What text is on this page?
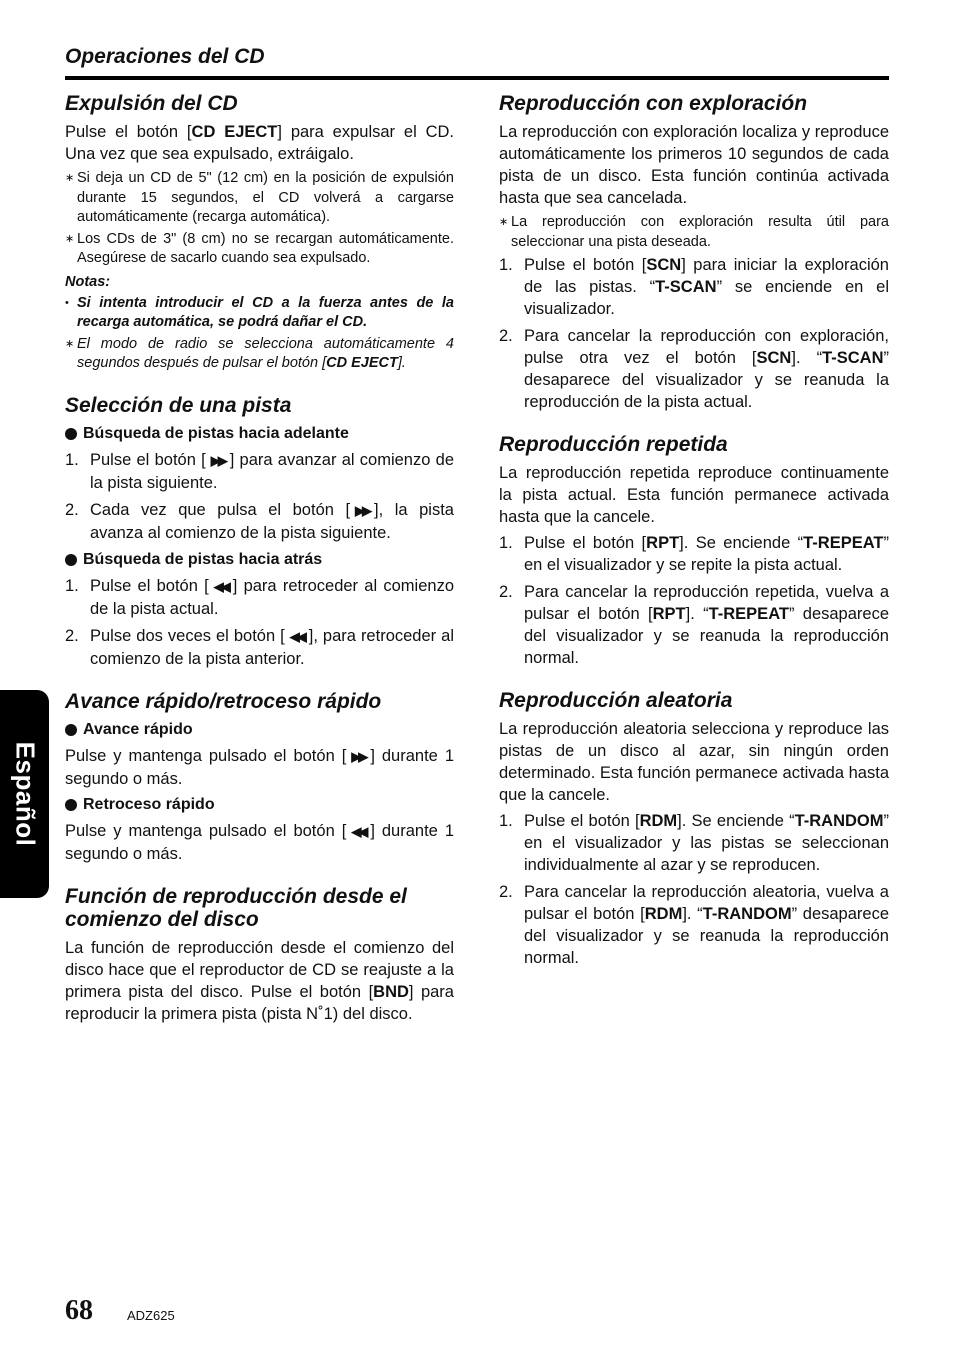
Operaciones del CD
Expulsión del CD

Pulse el botón [CD EJECT] para expulsar el CD. Una vez que sea expulsado, extráigalo.

∗ Si deja un CD de 5" (12 cm) en la posición de expulsión durante 15 segundos, el CD volverá a cargarse automáticamente (recarga automática).
∗ Los CDs de 3" (8 cm) no se recargan automáticamente. Asegúrese de sacarlo cuando sea expulsado.
Notas:
• Si intenta introducir el CD a la fuerza antes de la recarga automática, se podrá dañar el CD.
∗ El modo de radio se selecciona automáticamente 4 segundos después de pulsar el botón [CD EJECT].
Selección de una pista
Búsqueda de pistas hacia adelante
1. Pulse el botón [ ▶▶ ] para avanzar al comienzo de la pista siguiente.
2. Cada vez que pulsa el botón [ ▶▶ ], la pista avanza al comienzo de la pista siguiente.
Búsqueda de pistas hacia atrás
1. Pulse el botón [ ◀◀ ] para retroceder al comienzo de la pista actual.
2. Pulse dos veces el botón [ ◀◀ ], para retroceder al comienzo de la pista anterior.
Avance rápido/retroceso rápido
Avance rápido

Pulse y mantenga pulsado el botón [ ▶▶ ] durante 1 segundo o más.

Retroceso rápido

Pulse y mantenga pulsado el botón [ ◀◀ ] durante 1 segundo o más.

Función de reproducción desde el comienzo del disco

La función de reproducción desde el comienzo del disco hace que el reproductor de CD se reajuste a la primera pista del disco. Pulse el botón [BND] para reproducir la primera pista (pista N˚1) del disco.

Reproducción con exploración

La reproducción con exploración localiza y reproduce automáticamente los primeros 10 segundos de cada pista de un disco. Esta función continúa activada hasta que sea cancelada.

∗ La reproducción con exploración resulta útil para seleccionar una pista deseada.
1. Pulse el botón [SCN] para iniciar la exploración de las pistas. “T-SCAN” se enciende en el visualizador.
2. Para cancelar la reproducción con exploración, pulse otra vez el botón [SCN]. “T-SCAN” desaparece del visualizador y se reanuda la reproducción de la pista actual.
Reproducción repetida

La reproducción repetida reproduce continuamente la pista actual. Esta función permanece activada hasta que la cancele.

1. Pulse el botón [RPT]. Se enciende “T-REPEAT” en el visualizador y se repite la pista actual.
2. Para cancelar la reproducción repetida, vuelva a pulsar el botón [RPT]. “T-REPEAT” desaparece del visualizador y se reanuda la reproducción normal.
Reproducción aleatoria

La reproducción aleatoria selecciona y reproduce las pistas de un disco al azar, sin ningún orden determinado. Esta función permanece activada hasta que la cancele.

1. Pulse el botón [RDM]. Se enciende “T-RANDOM” en el visualizador y las pistas se seleccionan individualmente al azar y se reproducen.
2. Para cancelar la reproducción aleatoria, vuelva a pulsar el botón [RDM]. “T-RANDOM” desaparece del visualizador y se reanuda la reproducción normal.
Español
68	ADZ625
